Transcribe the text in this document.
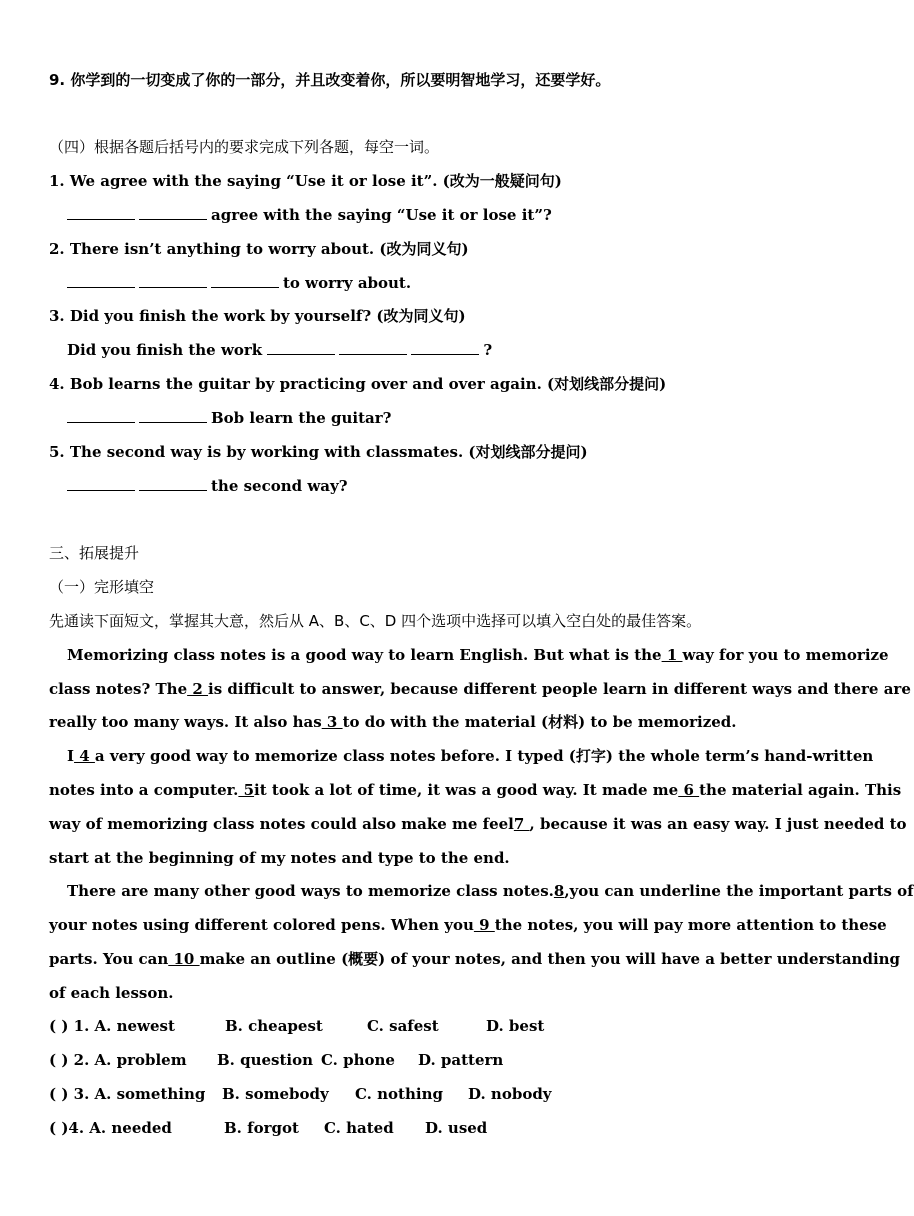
9. 你学到的一切变成了你的一部分，并且改变着你，所以要明智地学习，还要学好。
（四）根据各题后括号内的要求完成下列各题，每空一词。
1. We agree with the saying “Use it or lose it”. (改为一般疑问句)
agree with the saying “Use it or lose it”?
2. There isn’t anything to worry about. (改为同义句)
to worry about.
3. Did you finish the work by yourself? (改为同义句)
Did you finish the work	?
4. Bob learns the guitar by practicing over and over again. (对划线部分提问)
Bob learn the guitar?
5. The second way is by working with classmates. (对划线部分提问)
the second way?
三、拓展提升
（一）完形填空
先通读下面短文，掌握其大意，然后从 A、B、C、D 四个选项中选择可以填入空白处的最佳答案。
Memorizing class notes is a good way to learn English. But what is the 1 way for you to memorize
class notes? The 2 is difficult to answer, because different people learn in different ways and there are
really too many ways. It also has 3 to do with the material (材料) to be memorized.
I 4 a very good way to memorize class notes before. I typed (打字) the whole term’s hand-written
notes into a computer. 5it took a lot of time, it was a good way. It made me 6 the material again. This
way of memorizing class notes could also make me feel7 , because it was an easy way. I just needed to
start at the beginning of my notes and type to the end.
There are many other good ways to memorize class notes.8,you can underline the important parts of
your notes using different colored pens. When you 9 the notes, you will pay more attention to these
parts. You can 10 make an outline (概要) of your notes, and then you will have a better understanding
of each lesson.
( ) 1. A. newest	B. cheapest	C. safest	D. best
( ) 2. A. problem B. question C. phone D. pattern
( ) 3. A. something B. somebody C. nothing D. nobody
( )4. A. needed	B. forgot C. hated D. used
